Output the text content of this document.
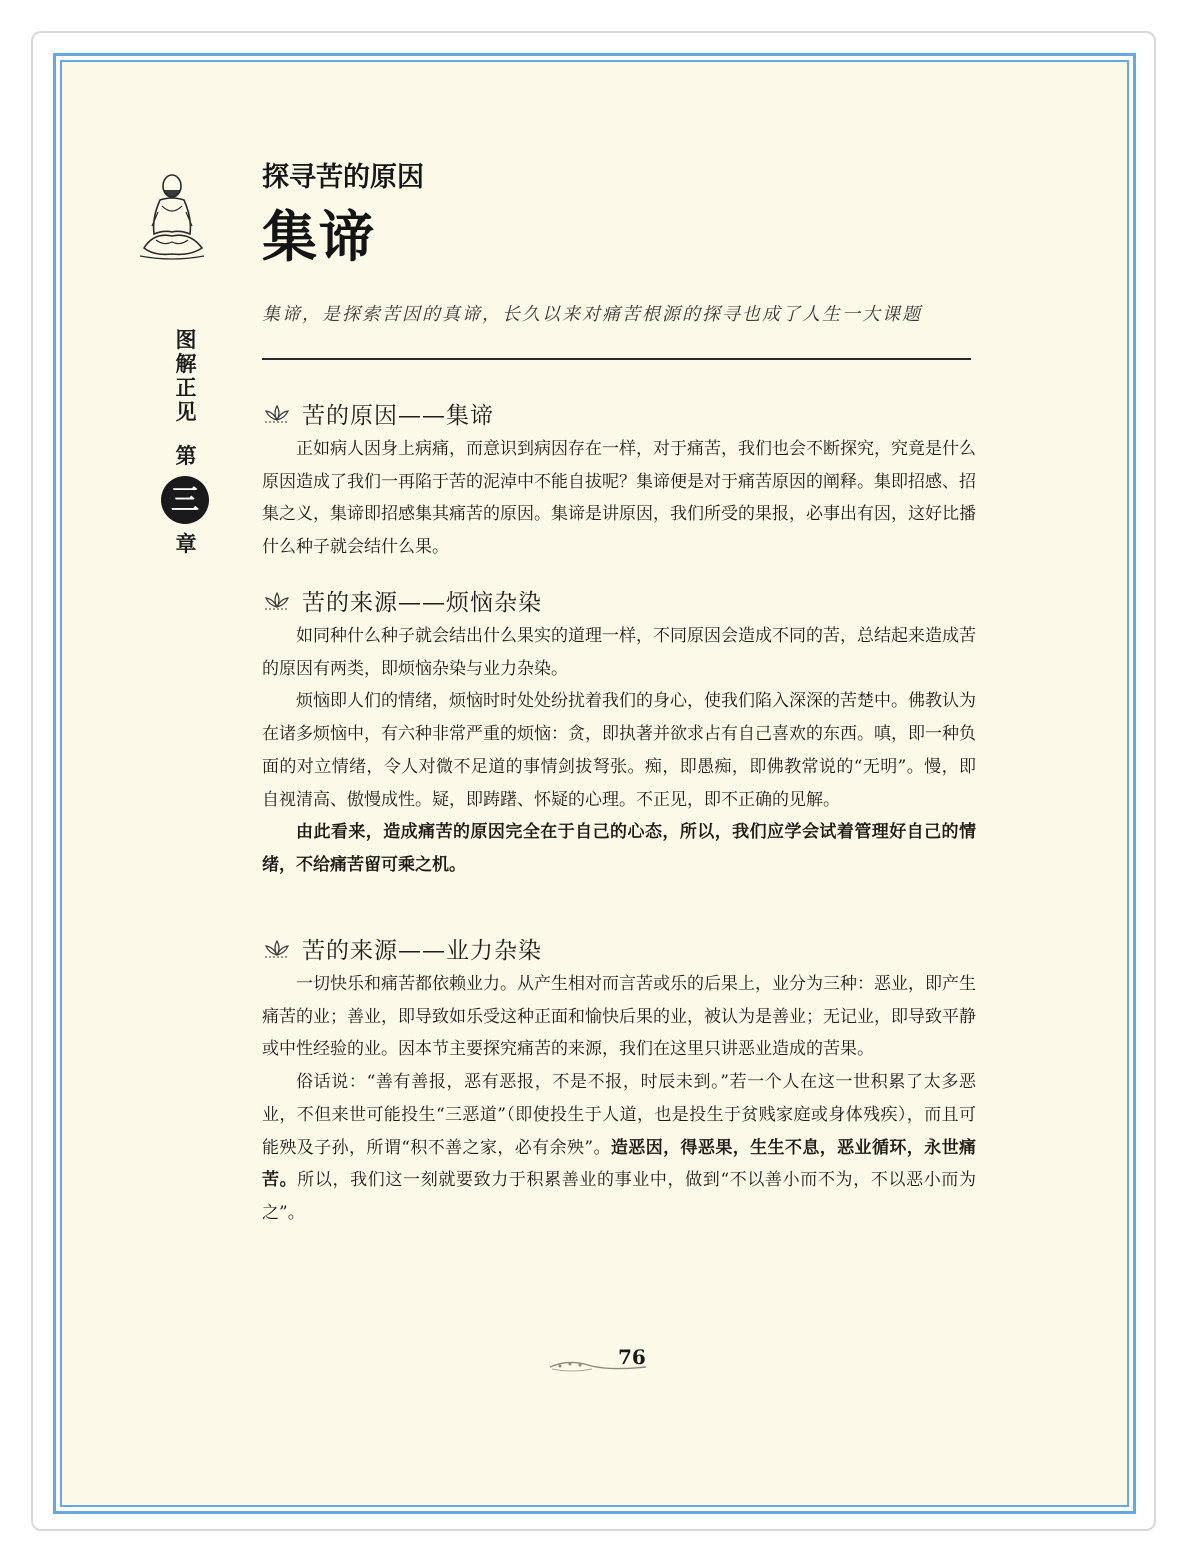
图解正见
第
三
章
探寻苦的原因
集谛
集谛，是探索苦因的真谛，长久以来对痛苦根源的探寻也成了人生一大课题
苦的原因——集谛

正如病人因身上病痛，而意识到病因存在一样，对于痛苦，我们也会不断探究，究竟是什么原因造成了我们一再陷于苦的泥淖中不能自拔呢？集谛便是对于痛苦原因的阐释。集即招感、招集之义，集谛即招感集其痛苦的原因。集谛是讲原因，我们所受的果报，必事出有因，这好比播什么种子就会结什么果。

苦的来源——烦恼杂染

如同种什么种子就会结出什么果实的道理一样，不同原因会造成不同的苦，总结起来造成苦的原因有两类，即烦恼杂染与业力杂染。

烦恼即人们的情绪，烦恼时时处处纷扰着我们的身心，使我们陷入深深的苦楚中。佛教认为在诸多烦恼中，有六种非常严重的烦恼：贪，即执著并欲求占有自己喜欢的东西。嗔，即一种负面的对立情绪，令人对微不足道的事情剑拔弩张。痴，即愚痴，即佛教常说的“无明”。慢，即自视清高、傲慢成性。疑，即踌躇、怀疑的心理。不正见，即不正确的见解。

由此看来，造成痛苦的原因完全在于自己的心态，所以，我们应学会试着管理好自己的情绪，不给痛苦留可乘之机。

苦的来源——业力杂染

一切快乐和痛苦都依赖业力。从产生相对而言苦或乐的后果上，业分为三种：恶业，即产生痛苦的业；善业，即导致如乐受这种正面和愉快后果的业，被认为是善业；无记业，即导致平静或中性经验的业。因本节主要探究痛苦的来源，我们在这里只讲恶业造成的苦果。

俗话说：“善有善报，恶有恶报，不是不报，时辰未到。”若一个人在这一世积累了太多恶业，不但来世可能投生“三恶道”（即使投生于人道，也是投生于贫贱家庭或身体残疾），而且可能殃及子孙，所谓“积不善之家，必有余殃”。造恶因，得恶果，生生不息，恶业循环，永世痛苦。所以，我们这一刻就要致力于积累善业的事业中，做到“不以善小而不为，不以恶小而为之”。

76
